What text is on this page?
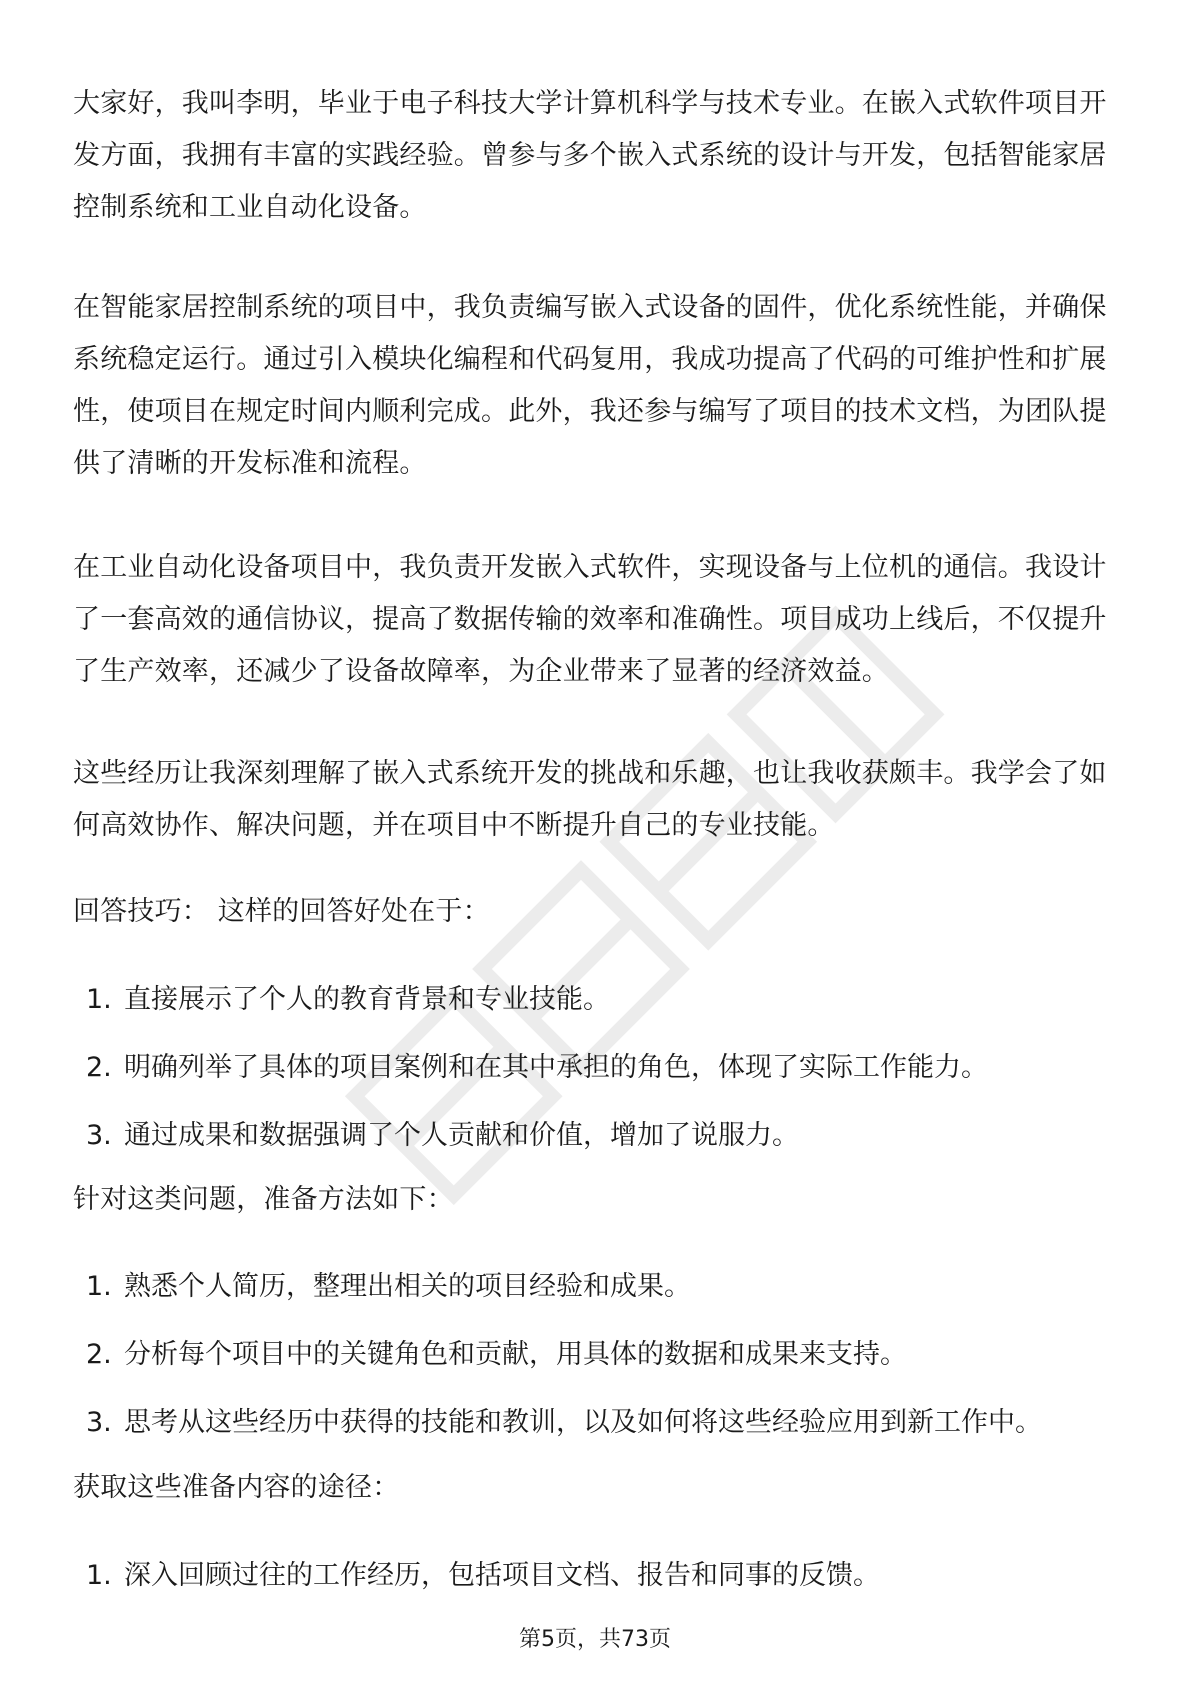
大家好，我叫李明，毕业于电子科技大学计算机科学与技术专业。在嵌入式软件项目开发方面，我拥有丰富的实践经验。曾参与多个嵌入式系统的设计与开发，包括智能家居控制系统和工业自动化设备。

在智能家居控制系统的项目中，我负责编写嵌入式设备的固件，优化系统性能，并确保系统稳定运行。通过引入模块化编程和代码复用，我成功提高了代码的可维护性和扩展性，使项目在规定时间内顺利完成。此外，我还参与编写了项目的技术文档，为团队提供了清晰的开发标准和流程。

在工业自动化设备项目中，我负责开发嵌入式软件，实现设备与上位机的通信。我设计了一套高效的通信协议，提高了数据传输的效率和准确性。项目成功上线后，不仅提升了生产效率，还减少了设备故障率，为企业带来了显著的经济效益。

这些经历让我深刻理解了嵌入式系统开发的挑战和乐趣，也让我收获颇丰。我学会了如何高效协作、解决问题，并在项目中不断提升自己的专业技能。

回答技巧： 这样的回答好处在于：

1. 直接展示了个人的教育背景和专业技能。
2. 明确列举了具体的项目案例和在其中承担的角色，体现了实际工作能力。
3. 通过成果和数据强调了个人贡献和价值，增加了说服力。

针对这类问题，准备方法如下：

1. 熟悉个人简历，整理出相关的项目经验和成果。
2. 分析每个项目中的关键角色和贡献，用具体的数据和成果来支持。
3. 思考从这些经历中获得的技能和教训，以及如何将这些经验应用到新工作中。

获取这些准备内容的途径：

1. 深入回顾过往的工作经历，包括项目文档、报告和同事的反馈。
第5页，共73页
